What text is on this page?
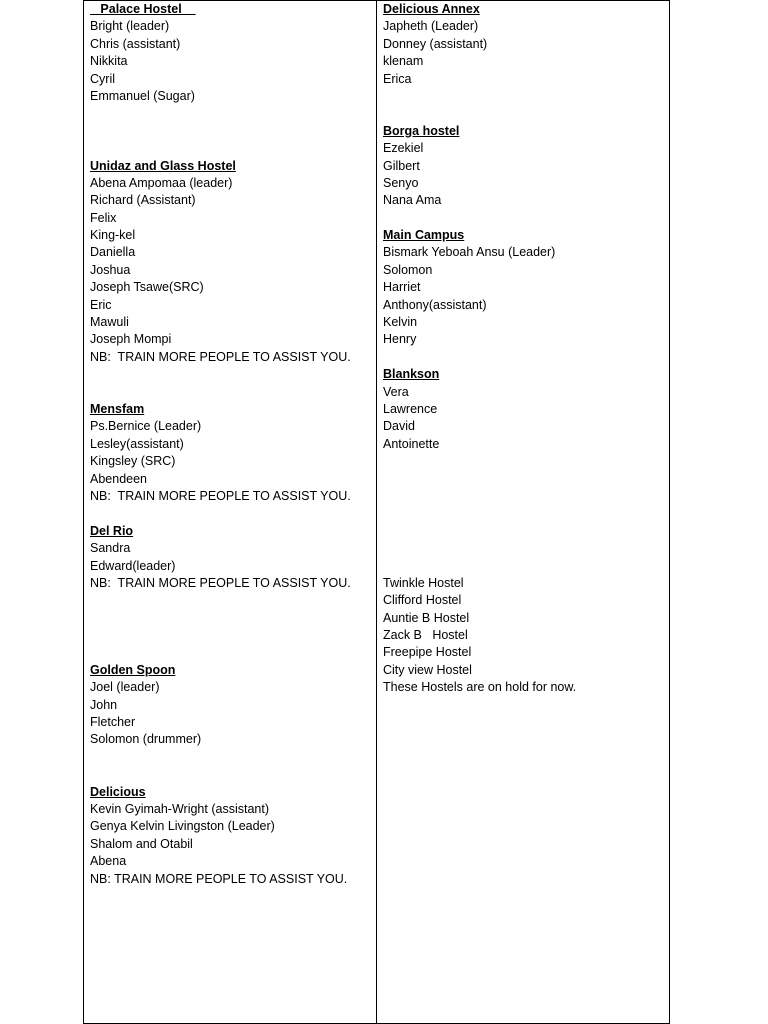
Palace Hostel
Bright (leader)
Chris (assistant)
Nikkita
Cyril
Emmanuel (Sugar)
Unidaz and Glass Hostel
Abena Ampomaa (leader)
Richard (Assistant)
Felix
King-kel
Daniella
Joshua
Joseph Tsawe(SRC)
Eric
Mawuli
Joseph Mompi
NB:  TRAIN MORE PEOPLE TO ASSIST YOU.
Mensfam
Ps.Bernice (Leader)
Lesley(assistant)
Kingsley (SRC)
Abendeen
NB:  TRAIN MORE PEOPLE TO ASSIST YOU.
Del Rio
Sandra
Edward(leader)
NB:  TRAIN MORE PEOPLE TO ASSIST YOU.
Golden Spoon
Joel (leader)
John
Fletcher
Solomon (drummer)
Delicious
Kevin Gyimah-Wright (assistant)
Genya Kelvin Livingston (Leader)
Shalom and Otabil
Abena
NB: TRAIN MORE PEOPLE TO ASSIST YOU.
Delicious Annex
Japheth (Leader)
Donney (assistant)
klenam
Erica
Borga hostel
Ezekiel
Gilbert
Senyo
Nana Ama
Main Campus
Bismark Yeboah Ansu (Leader)
Solomon
Harriet
Anthony(assistant)
Kelvin
Henry
Blankson
Vera
Lawrence
David
Antoinette
Twinkle Hostel
Clifford Hostel
Auntie B Hostel
Zack B   Hostel
Freepipe Hostel
City view Hostel
These Hostels are on hold for now.
